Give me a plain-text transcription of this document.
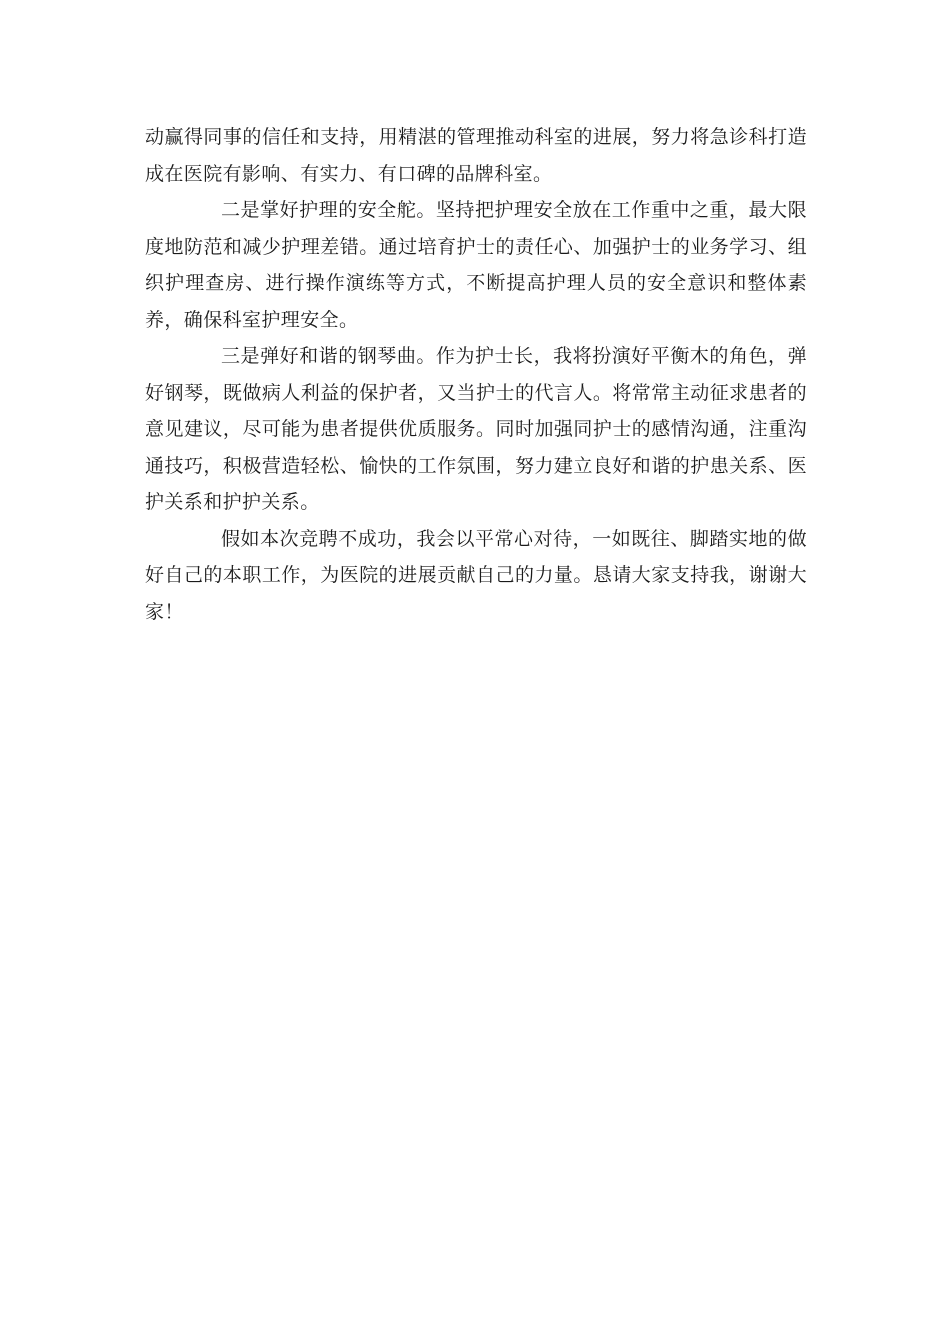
动赢得同事的信任和支持，用精湛的管理推动科室的进展，努力将急诊科打造成在医院有影响、有实力、有口碑的品牌科室。

二是掌好护理的安全舵。坚持把护理安全放在工作重中之重，最大限度地防范和减少护理差错。通过培育护士的责任心、加强护士的业务学习、组织护理查房、进行操作演练等方式，不断提高护理人员的安全意识和整体素养，确保科室护理安全。

三是弹好和谐的钢琴曲。作为护士长，我将扮演好平衡木的角色，弹好钢琴，既做病人利益的保护者，又当护士的代言人。将常常主动征求患者的意见建议，尽可能为患者提供优质服务。同时加强同护士的感情沟通，注重沟通技巧，积极营造轻松、愉快的工作氛围，努力建立良好和谐的护患关系、医护关系和护护关系。

假如本次竞聘不成功，我会以平常心对待，一如既往、脚踏实地的做好自己的本职工作，为医院的进展贡献自己的力量。恳请大家支持我，谢谢大家！
